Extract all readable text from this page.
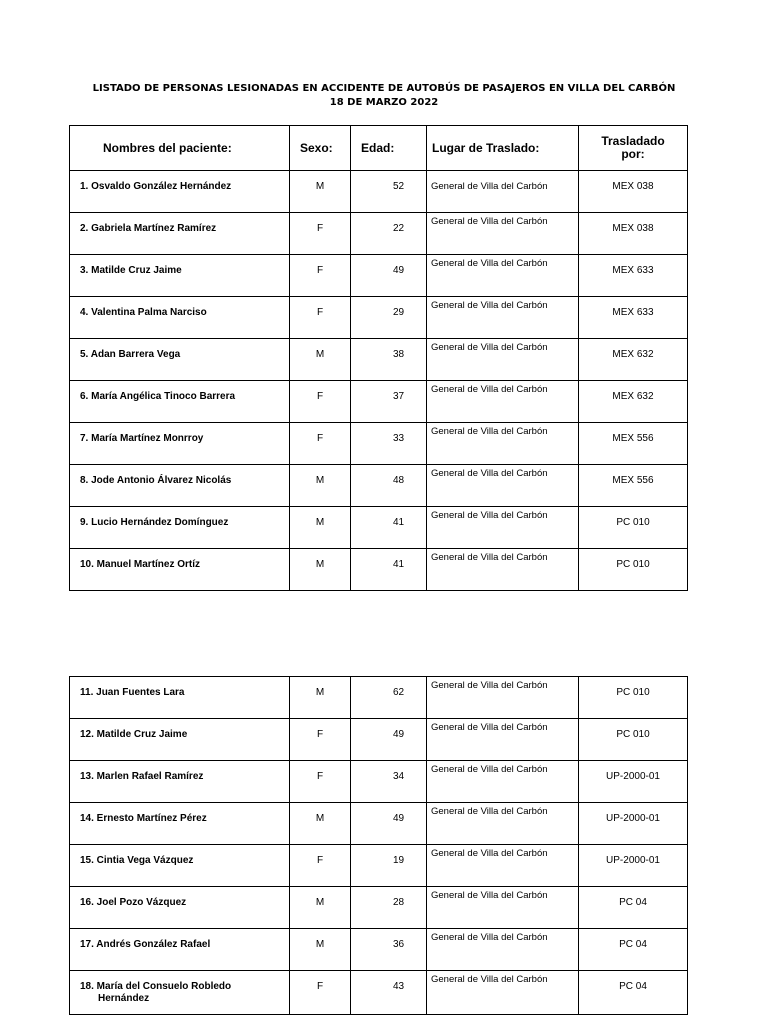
LISTADO DE PERSONAS LESIONADAS EN ACCIDENTE DE AUTOBÚS DE PASAJEROS EN VILLA DEL CARBÓN
18 DE MARZO 2022
Nombres del paciente:	Sexo:	Edad:	Lugar de Traslado:	Trasladado
por:

1. Osvaldo González Hernández	M	52	General de Villa del Carbón	MEX 038
2. Gabriela Martínez Ramírez	F	22	General de Villa del Carbón	MEX 038
3. Matilde Cruz Jaime	F	49	General de Villa del Carbón	MEX 633
4. Valentina Palma Narciso	F	29	General de Villa del Carbón	MEX 633
5. Adan Barrera Vega	M	38	General de Villa del Carbón	MEX 632
6. María Angélica Tinoco Barrera	F	37	General de Villa del Carbón	MEX 632
7. María Martínez Monrroy	F	33	General de Villa del Carbón	MEX 556
8. Jode Antonio Álvarez Nicolás	M	48	General de Villa del Carbón	MEX 556
9. Lucio Hernández Domínguez	M	41	General de Villa del Carbón	PC 010
10. Manuel Martínez Ortíz	M	41	General de Villa del Carbón	PC 010
11. Juan Fuentes Lara	M	62	General de Villa del Carbón	PC 010
12. Matilde Cruz Jaime	F	49	General de Villa del Carbón	PC 010
13. Marlen Rafael Ramírez	F	34	General de Villa del Carbón	UP-2000-01
14. Ernesto Martínez Pérez	M	49	General de Villa del Carbón	UP-2000-01
15. Cintia Vega Vázquez	F	19	General de Villa del Carbón	UP-2000-01
16. Joel Pozo Vázquez	M	28	General de Villa del Carbón	PC 04
17. Andrés González Rafael	M	36	General de Villa del Carbón	PC 04
18. María del Consuelo Robledo
Hernández	F	43	General de Villa del Carbón	PC 04
